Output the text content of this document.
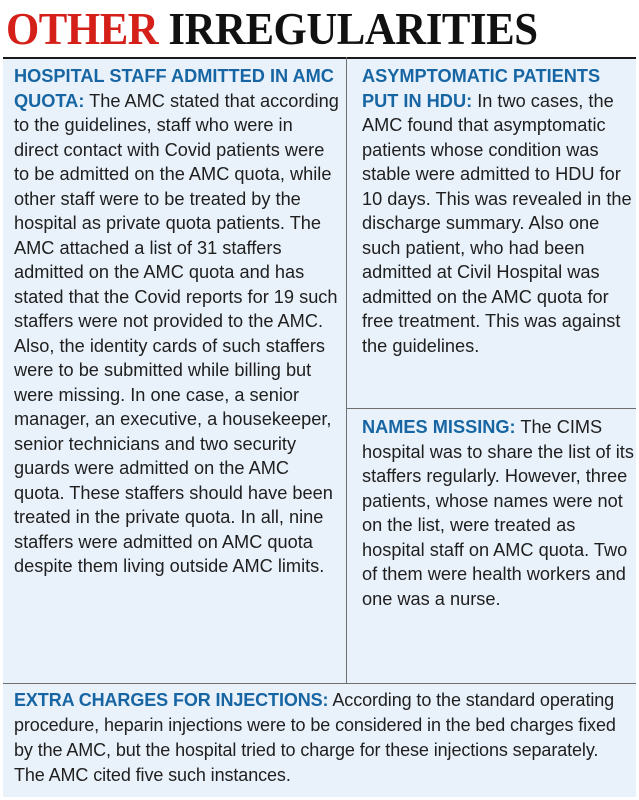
OTHER IRREGULARITIES
HOSPITAL STAFF ADMITTED IN AMC QUOTA: The AMC stated that according to the guidelines, staff who were in direct contact with Covid patients were to be admitted on the AMC quota, while other staff were to be treated by the hospital as private quota patients. The AMC attached a list of 31 staffers admitted on the AMC quota and has stated that the Covid reports for 19 such staffers were not provided to the AMC. Also, the identity cards of such staffers were to be submitted while billing but were missing. In one case, a senior manager, an executive, a housekeeper, senior technicians and two security guards were admitted on the AMC quota. These staffers should have been treated in the private quota. In all, nine staffers were admitted on AMC quota despite them living outside AMC limits.
ASYMPTOMATIC PATIENTS PUT IN HDU: In two cases, the AMC found that asymptomatic patients whose condition was stable were admitted to HDU for 10 days. This was revealed in the discharge summary. Also one such patient, who had been admitted at Civil Hospital was admitted on the AMC quota for free treatment. This was against the guidelines.
NAMES MISSING: The CIMS hospital was to share the list of its staffers regularly. However, three patients, whose names were not on the list, were treated as hospital staff on AMC quota. Two of them were health workers and one was a nurse.
EXTRA CHARGES FOR INJECTIONS: According to the standard operating procedure, heparin injections were to be considered in the bed charges fixed by the AMC, but the hospital tried to charge for these injections separately. The AMC cited five such instances.
